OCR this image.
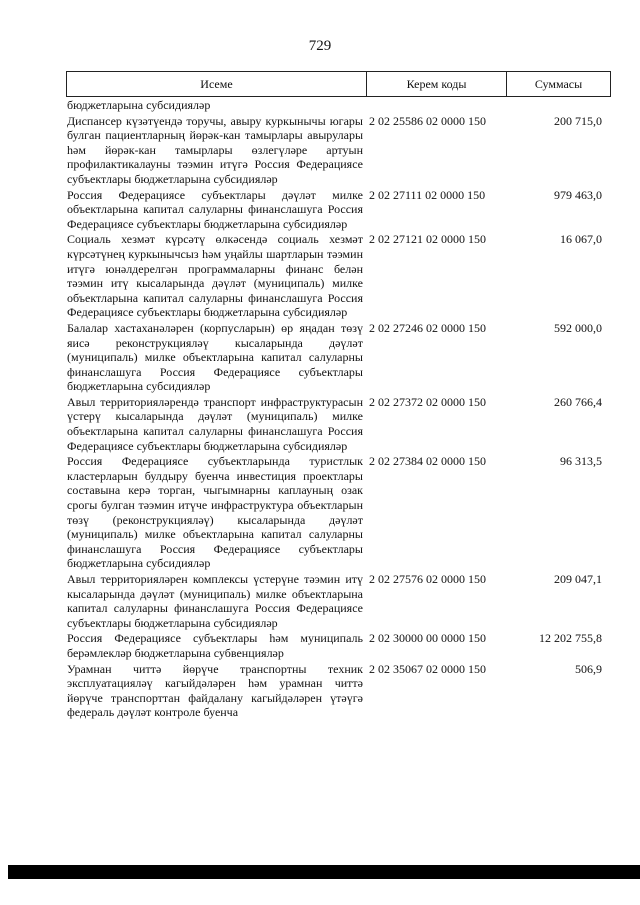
729
Исеме	Керем коды	Суммасы
бюджетларына субсидияләр
Диспансер күзәтүендә торучы, авыру куркынычы югары булган пациентларның йөрәк-кан тамырлары авырулары һәм йөрәк-кан тамырлары өзлегүләре артуын профилактикалауны тәэмин итүгә Россия Федерациясе субъектлары бюджетларына субсидияләр
2 02 25586 02 0000 150	200 715,0
Россия Федерациясе субъектлары дәүләт милке объектларына капитал салуларны финанслашуга Россия Федерациясе субъектлары бюджетларына субсидияләр
2 02 27111 02 0000 150	979 463,0
Социаль хезмәт күрсәтү өлкәсендә социаль хезмәт күрсәтүнең куркынычсыз һәм уңайлы шартларын тәэмин итүгә юнәлдерелгән программаларны финанс белән тәэмин итү кысаларында дәүләт (муниципаль) милке объектларына капитал салуларны финанслашуга Россия Федерациясе субъектлары бюджетларына субсидияләр
2 02 27121 02 0000 150	16 067,0
Балалар хастаханәләрен (корпусларын) өр яңадан төзү яисә реконструкцияләү кысаларында дәүләт (муниципаль) милке объектларына капитал салуларны финанслашуга Россия Федерациясе субъектлары бюджетларына субсидияләр
2 02 27246 02 0000 150	592 000,0
Авыл территорияләрендә транспорт инфраструктурасын үстерү кысаларында дәүләт (муниципаль) милке объектларына капитал салуларны финанслашуга Россия Федерациясе субъектлары бюджетларына субсидияләр
2 02 27372 02 0000 150	260 766,4
Россия Федерациясе субъектларында туристлык кластерларын булдыру буенча инвестиция проектлары составына керә торган, чыгымнарны каплауның озак срогы булган тәэмин итүче инфраструктура объектларын төзү (реконструкцияләү) кысаларында дәүләт (муниципаль) милке объектларына капитал салуларны финанслашуга Россия Федерациясе субъектлары бюджетларына субсидияләр
2 02 27384 02 0000 150	96 313,5
Авыл территорияләрен комплексы үстерүне тәэмин итү кысаларында дәүләт (муниципаль) милке объектларына капитал салуларны финанслашуга Россия Федерациясе субъектлары бюджетларына субсидияләр
2 02 27576 02 0000 150	209 047,1
Россия Федерациясе субъектлары һәм муниципаль берәмлекләр бюджетларына субвенцияләр
2 02 30000 00 0000 150	12 202 755,8
Урамнан читтә йөрүче транспортны техник эксплуатацияләү кагыйдәләрен һәм урамнан читтә йөрүче транспорттан файдалану кагыйдәләрен үтәүгә федераль дәүләт контроле буенча
2 02 35067 02 0000 150	506,9
